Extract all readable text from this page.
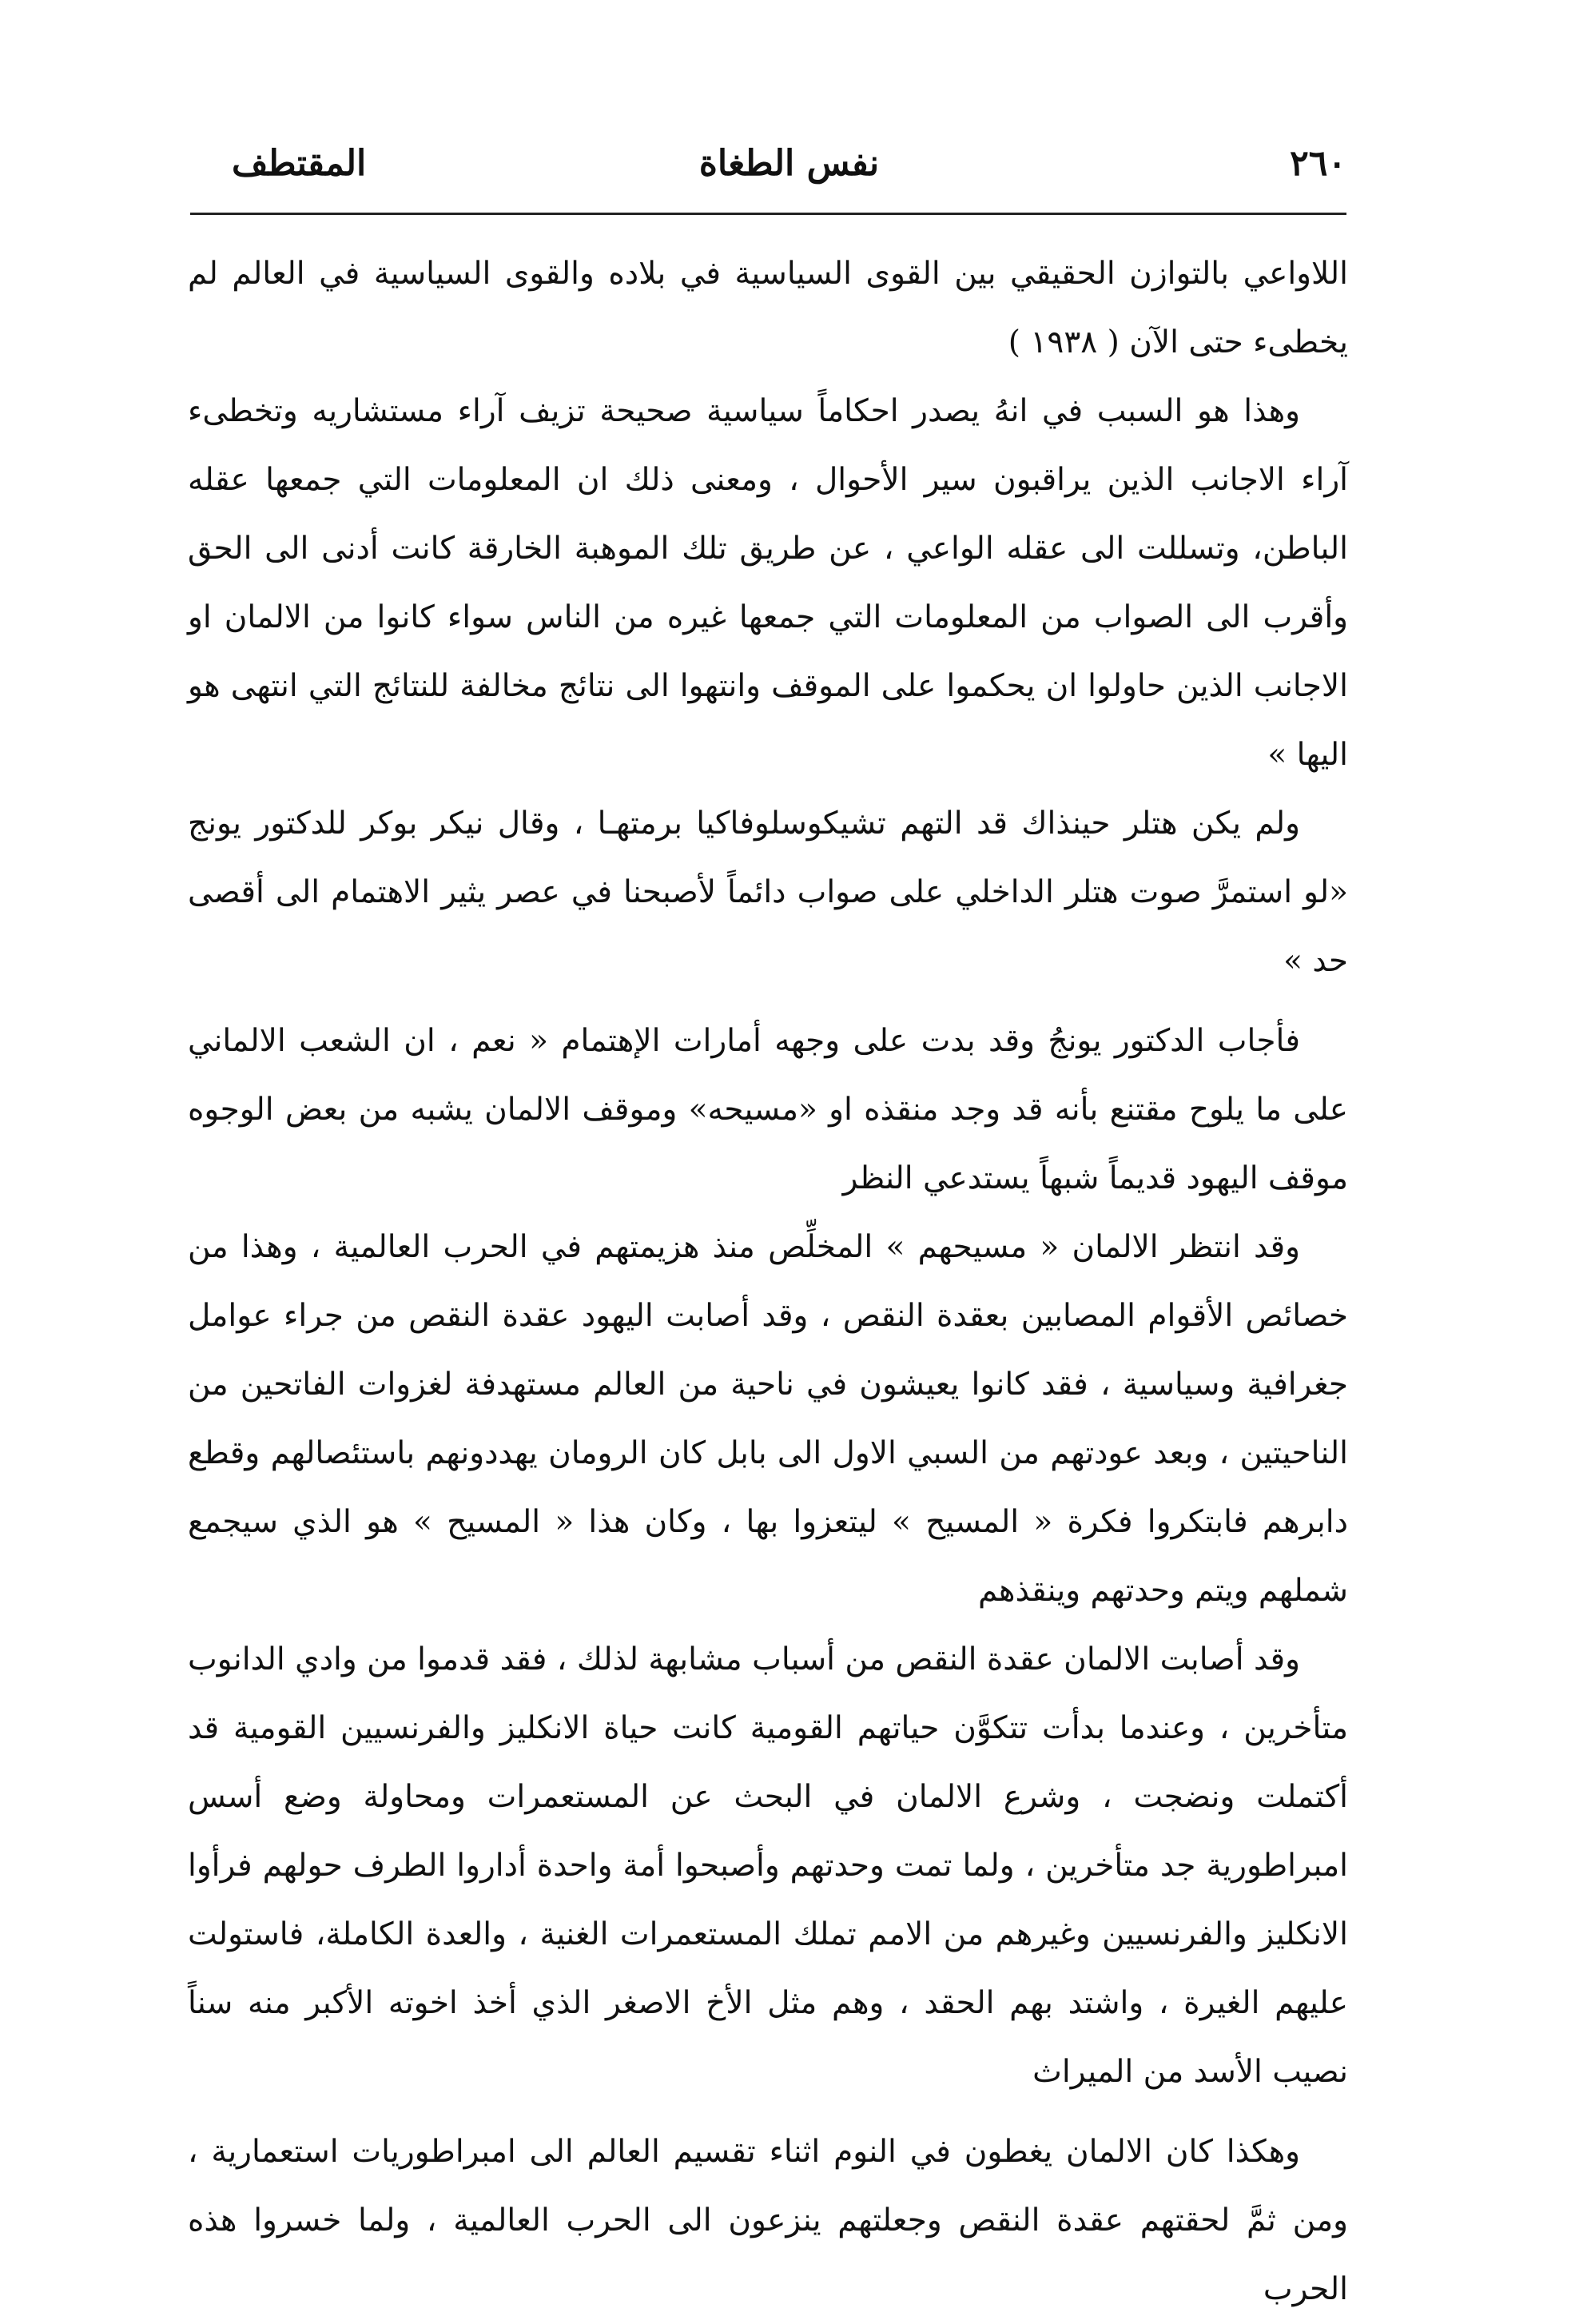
المقتطف	نفس الطغاة	٢٦٠

اللاواعي بالتوازن الحقيقي بين القوى السياسية في بلاده والقوى السياسية في العالم لم يخطىء حتى الآن ( ١٩٣٨ )

وهذا هو السبب في انهُ يصدر احكاماً سياسية صحيحة تزيف آراء مستشاريه وتخطىء آراء الاجانب الذين يراقبون سير الأحوال ، ومعنى ذلك ان المعلومات التي جمعها عقله الباطن، وتسللت الى عقله الواعي ، عن طريق تلك الموهبة الخارقة كانت أدنى الى الحق وأقرب الى الصواب من المعلومات التي جمعها غيره من الناس سواء كانوا من الالمان او الاجانب الذين حاولوا ان يحكموا على الموقف وانتهوا الى نتائج مخالفة للنتائج التي انتهى هو اليها »

ولم يكن هتلر حينذاك قد التهم تشيكوسلوفاكيا برمتهـا ، وقال نيكر بوكر للدكتور يونج «لو استمرَّ صوت هتلر الداخلي على صواب دائماً لأصبحنا في عصر يثير الاهتمام الى أقصى حد »

فأجاب الدكتور يونجُ وقد بدت على وجهه أمارات الإهتمام « نعم ، ان الشعب الالماني على ما يلوح مقتنع بأنه قد وجد منقذه او «مسيحه» وموقف الالمان يشبه من بعض الوجوه موقف اليهود قديماً شبهاً يستدعي النظر

وقد انتظر الالمان « مسيحهم » المخلِّص منذ هزيمتهم في الحرب العالمية ، وهذا من خصائص الأقوام المصابين بعقدة النقص ، وقد أصابت اليهود عقدة النقص من جراء عوامل جغرافية وسياسية ، فقد كانوا يعيشون في ناحية من العالم مستهدفة لغزوات الفاتحين من الناحيتين ، وبعد عودتهم من السبي الاول الى بابل كان الرومان يهددونهم باستئصالهم وقطع دابرهم فابتكروا فكرة « المسيح » ليتعزوا بها ، وكان هذا « المسيح » هو الذي سيجمع شملهم ويتم وحدتهم وينقذهم

وقد أصابت الالمان عقدة النقص من أسباب مشابهة لذلك ، فقد قدموا من وادي الدانوب متأخرين ، وعندما بدأت تتكوَّن حياتهم القومية كانت حياة الانكليز والفرنسيين القومية قد أكتملت ونضجت ، وشرع الالمان في البحث عن المستعمرات ومحاولة وضع أسس امبراطورية جد متأخرين ، ولما تمت وحدتهم وأصبحوا أمة واحدة أداروا الطرف حولهم فرأوا الانكليز والفرنسيين وغيرهم من الامم تملك المستعمرات الغنية ، والعدة الكاملة، فاستولت عليهم الغيرة ، واشتد بهم الحقد ، وهم مثل الأخ الاصغر الذي أخذ اخوته الأكبر منه سناً نصيب الأسد من الميراث

وهكذا كان الالمان يغطون في النوم اثناء تقسيم العالم الى امبراطوريات استعمارية ، ومن ثمَّ لحقتهم عقدة النقص وجعلتهم ينزعون الى الحرب العالمية ، ولما خسروا هذه الحرب
